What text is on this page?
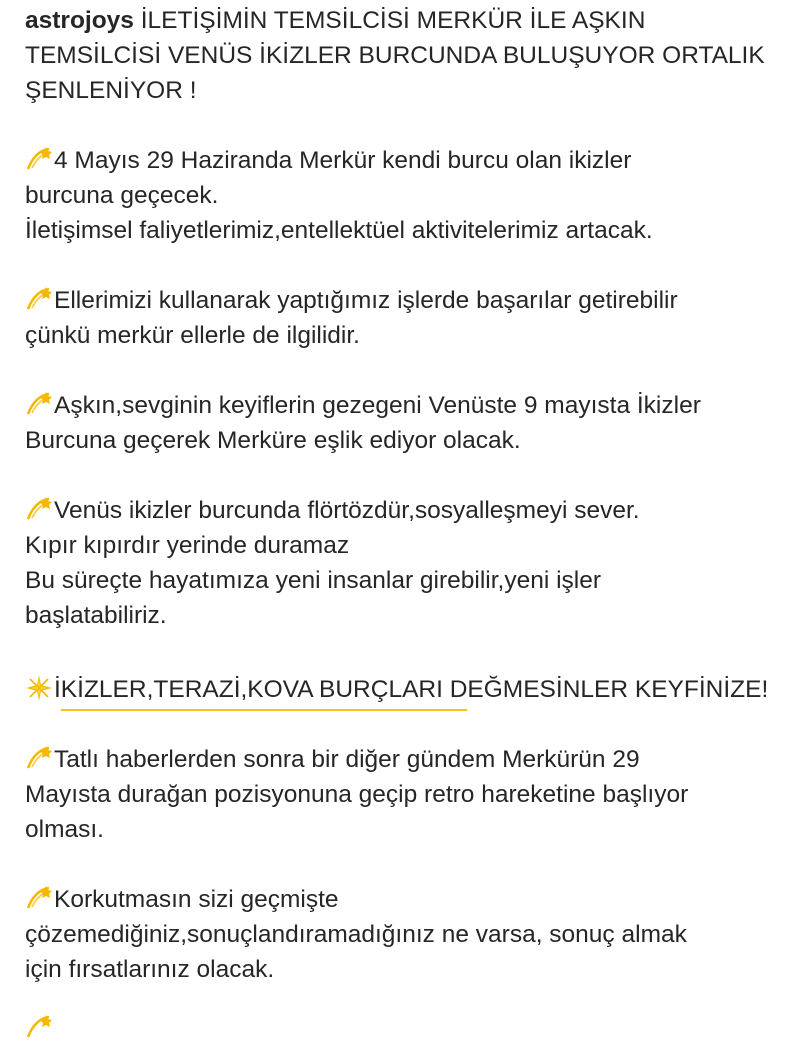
astrojoys İLETİŞİMİN TEMSİLCİSİ MERKÜR İLE AŞKIN
TEMSİLCİSİ VENÜS İKİZLER BURCUNDA BULUŞUYOR ORTALIK
ŞENLENİYOR !
4 Mayıs 29 Haziranda Merkür kendi burcu olan ikizler
burcuna geçecek.
İletişimsel faliyetlerimiz,entellektüel aktivitelerimiz artacak.
Ellerimizi kullanarak yaptığımız işlerde başarılar getirebilir
çünkü merkür ellerle de ilgilidir.
Aşkın,sevginin keyiflerin gezegeni Venüste 9 mayısta İkizler
Burcuna geçerek Merküre eşlik ediyor olacak.
Venüs ikizler burcunda flörtözdür,sosyalleşmeyi sever.
Kıpır kıpırdır yerinde duramaz
Bu süreçte hayatımıza yeni insanlar girebilir,yeni işler
başlatabiliriz.
İKİZLER,TERAZİ,KOVA BURÇLARI DEĞMESİNLER KEYFİNİZE!
Tatlı haberlerden sonra bir diğer gündem Merkürün 29
Mayısta durağan pozisyonuna geçip retro hareketine başlıyor
olması.
Korkutmasın sizi geçmişte
çözemediğiniz,sonuçlandıramadığınız ne varsa, sonuç almak
için fırsatlarınız olacak.
